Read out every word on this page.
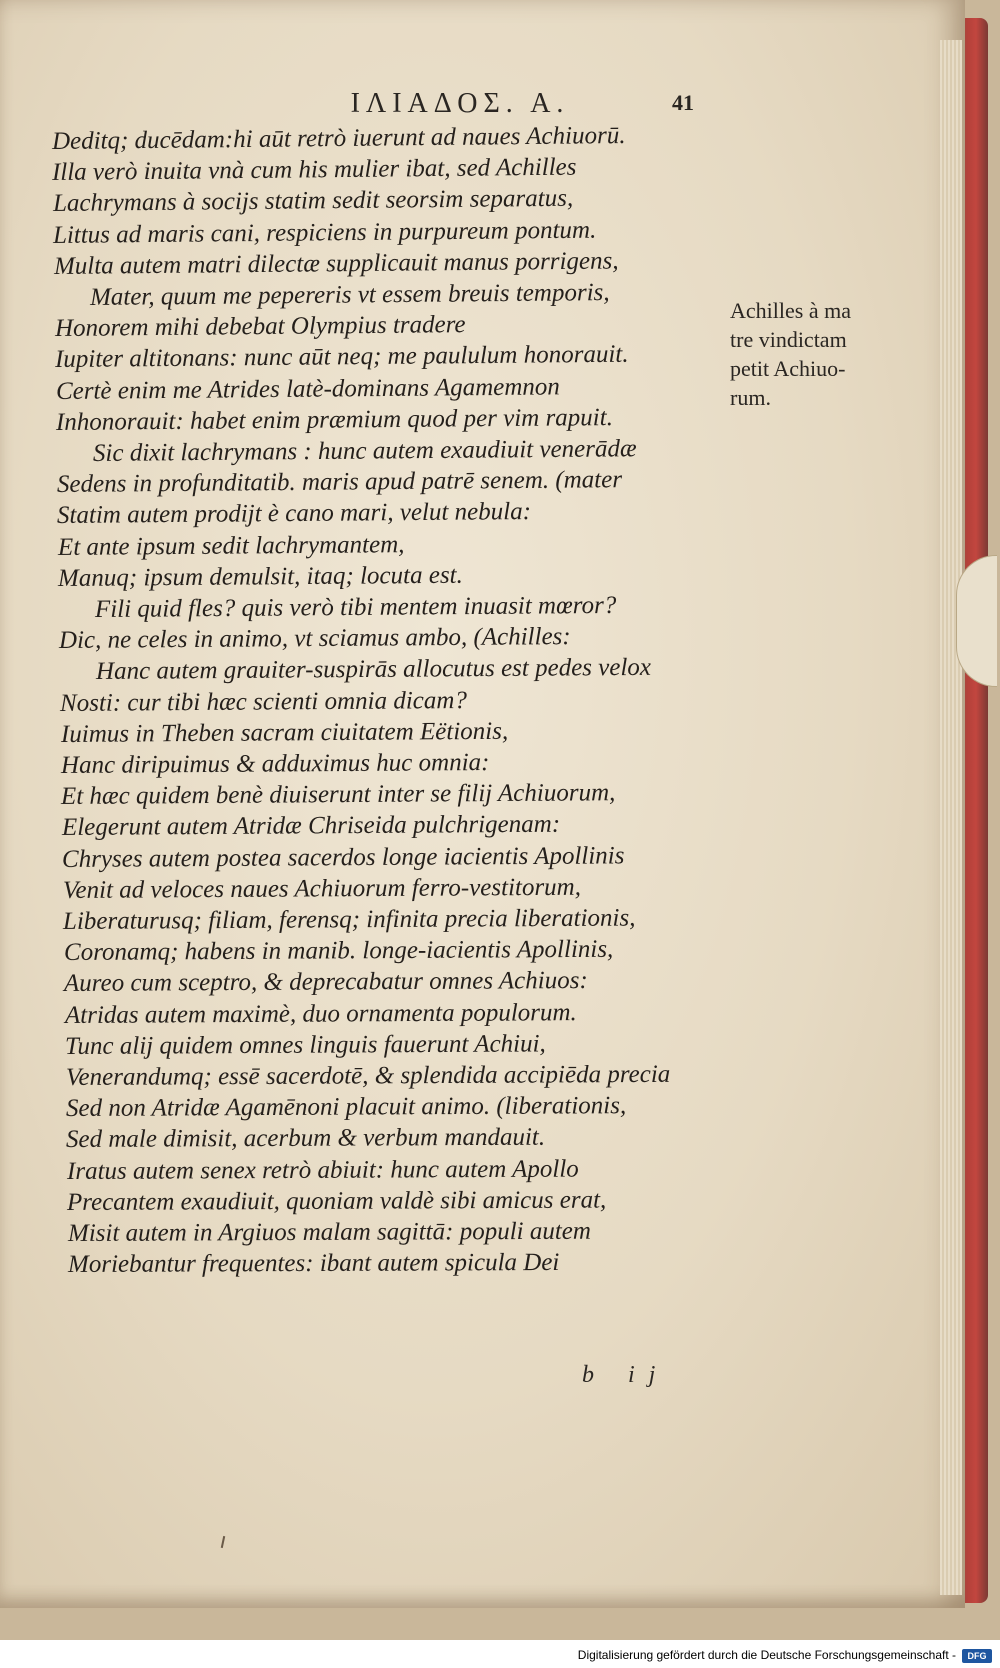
ΙΛΙΑΔΟΣ. Α.	41
Deditq; ducēdam:hi aūt retrò iuerunt ad naues Achiuorū.
Illa verò inuita vnà cum his mulier ibat, sed Achilles
Lachrymans à socijs statim sedit seorsim separatus,
Littus ad maris cani, respiciens in purpureum pontum.
Multa autem matri dilectæ supplicauit manus porrigens,
Mater, quum me pepereris vt essem breuis temporis,
Honorem mihi debebat Olympius tradere
Iupiter altitonans: nunc aūt neq; me paululum honorauit.
Certè enim me Atrides latè-dominans Agamemnon
Inhonorauit: habet enim præmium quod per vim rapuit.
Sic dixit lachrymans : hunc autem exaudiuit venerādæ
Sedens in profunditatib. maris apud patrē senem. (mater
Statim autem prodijt è cano mari, velut nebula:
Et ante ipsum sedit lachrymantem,
Manuq; ipsum demulsit, itaq; locuta est.
Fili quid fles? quis verò tibi mentem inuasit mœror?
Dic, ne celes in animo, vt sciamus ambo, (Achilles:
Hanc autem grauiter-suspirās allocutus est pedes velox
Nosti: cur tibi hæc scienti omnia dicam?
Iuimus in Theben sacram ciuitatem Eëtionis,
Hanc diripuimus & adduximus huc omnia:
Et hæc quidem benè diuiserunt inter se filij Achiuorum,
Elegerunt autem Atridæ Chriseida pulchrigenam:
Chryses autem postea sacerdos longe iacientis Apollinis
Venit ad veloces naues Achiuorum ferro-vestitorum,
Liberaturusq; filiam, ferensq; infinita precia liberationis,
Coronamq; habens in manib. longe-iacientis Apollinis,
Aureo cum sceptro, & deprecabatur omnes Achiuos:
Atridas autem maximè, duo ornamenta populorum.
Tunc alij quidem omnes linguis fauerunt Achiui,
Venerandumq; essē sacerdotē, & splendida accipiēda precia
Sed non Atridæ Agamēnoni placuit animo. (liberationis,
Sed male dimisit, acerbum & verbum mandauit.
Iratus autem senex retrò abiuit: hunc autem Apollo
Precantem exaudiuit, quoniam valdè sibi amicus erat,
Misit autem in Argiuos malam sagittā: populi autem
Moriebantur frequentes: ibant autem spicula Dei
Achilles à ma
tre vindictam
petit Achiuo-
rum.
b ij
Digitalisierung gefördert durch die Deutsche Forschungsgemeinschaft -	DFG
